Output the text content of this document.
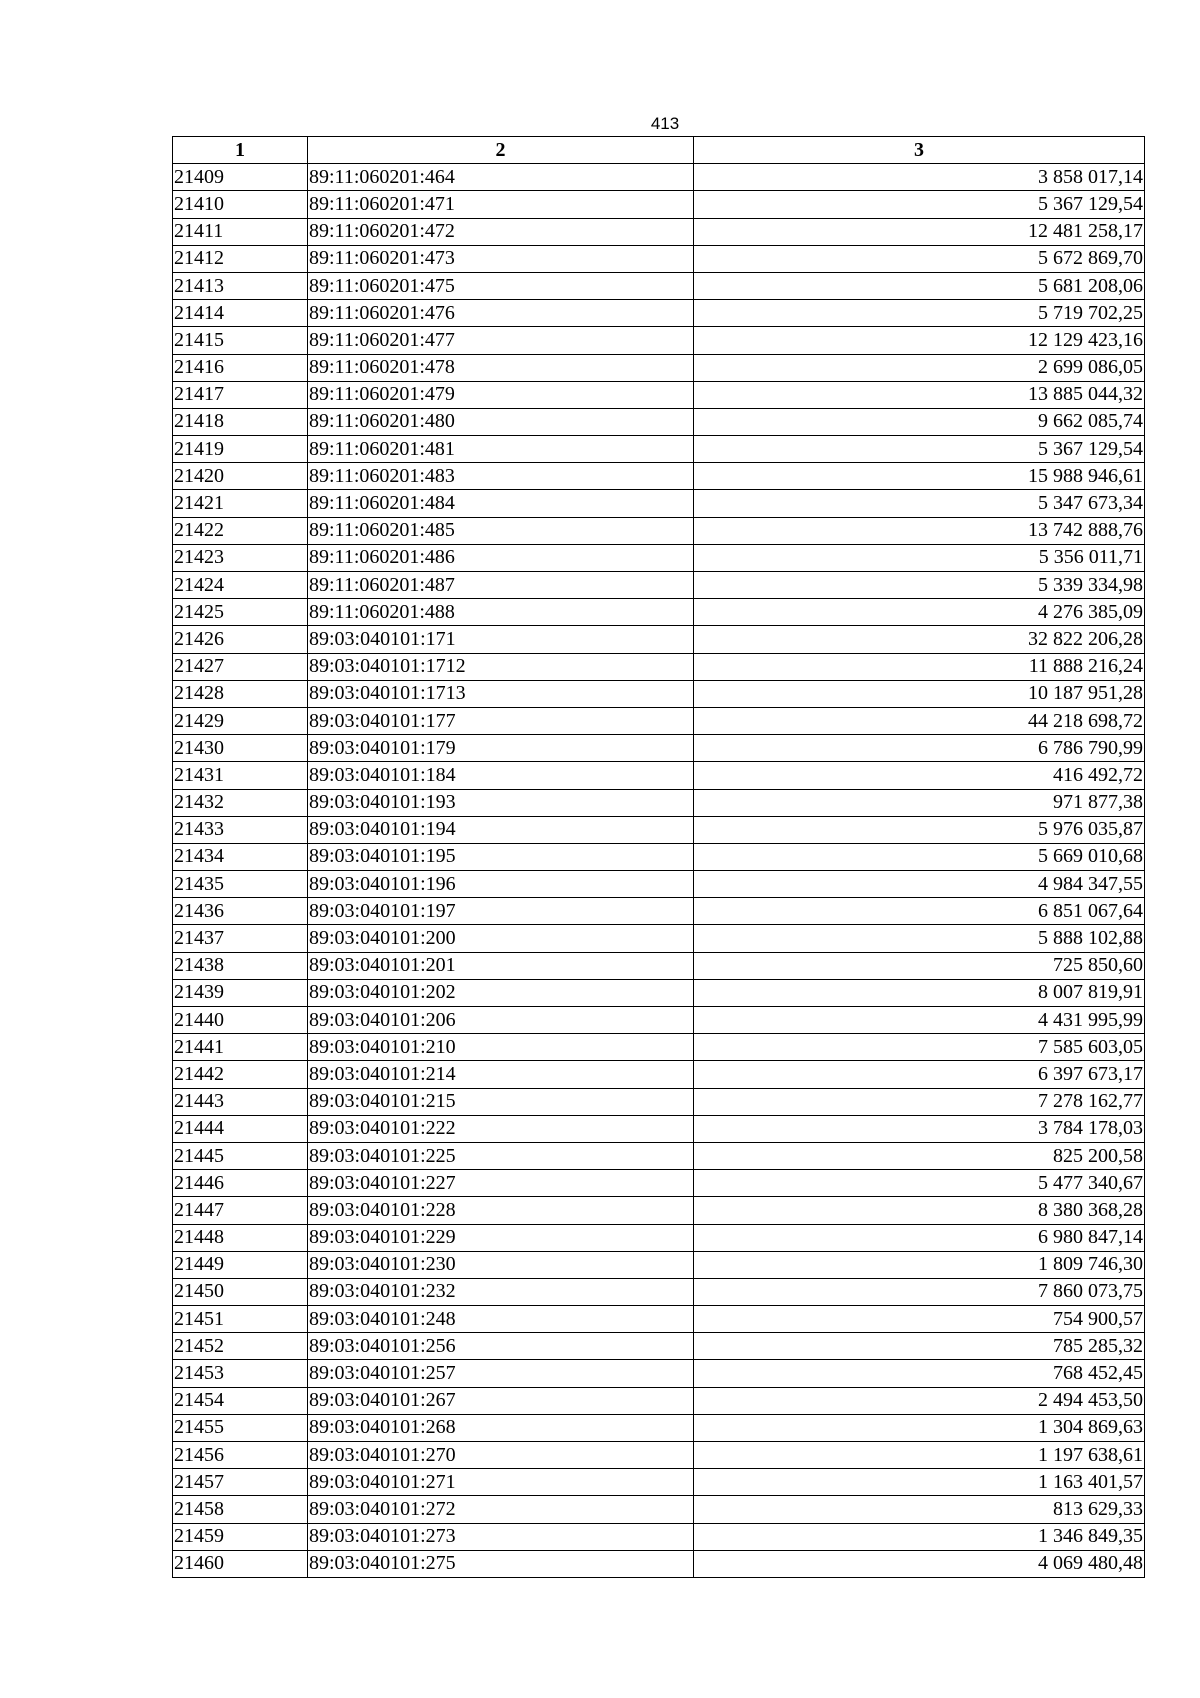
413
1	2	3
21409	89:11:060201:464	3 858 017,14
21410	89:11:060201:471	5 367 129,54
21411	89:11:060201:472	12 481 258,17
21412	89:11:060201:473	5 672 869,70
21413	89:11:060201:475	5 681 208,06
21414	89:11:060201:476	5 719 702,25
21415	89:11:060201:477	12 129 423,16
21416	89:11:060201:478	2 699 086,05
21417	89:11:060201:479	13 885 044,32
21418	89:11:060201:480	9 662 085,74
21419	89:11:060201:481	5 367 129,54
21420	89:11:060201:483	15 988 946,61
21421	89:11:060201:484	5 347 673,34
21422	89:11:060201:485	13 742 888,76
21423	89:11:060201:486	5 356 011,71
21424	89:11:060201:487	5 339 334,98
21425	89:11:060201:488	4 276 385,09
21426	89:03:040101:171	32 822 206,28
21427	89:03:040101:1712	11 888 216,24
21428	89:03:040101:1713	10 187 951,28
21429	89:03:040101:177	44 218 698,72
21430	89:03:040101:179	6 786 790,99
21431	89:03:040101:184	416 492,72
21432	89:03:040101:193	971 877,38
21433	89:03:040101:194	5 976 035,87
21434	89:03:040101:195	5 669 010,68
21435	89:03:040101:196	4 984 347,55
21436	89:03:040101:197	6 851 067,64
21437	89:03:040101:200	5 888 102,88
21438	89:03:040101:201	725 850,60
21439	89:03:040101:202	8 007 819,91
21440	89:03:040101:206	4 431 995,99
21441	89:03:040101:210	7 585 603,05
21442	89:03:040101:214	6 397 673,17
21443	89:03:040101:215	7 278 162,77
21444	89:03:040101:222	3 784 178,03
21445	89:03:040101:225	825 200,58
21446	89:03:040101:227	5 477 340,67
21447	89:03:040101:228	8 380 368,28
21448	89:03:040101:229	6 980 847,14
21449	89:03:040101:230	1 809 746,30
21450	89:03:040101:232	7 860 073,75
21451	89:03:040101:248	754 900,57
21452	89:03:040101:256	785 285,32
21453	89:03:040101:257	768 452,45
21454	89:03:040101:267	2 494 453,50
21455	89:03:040101:268	1 304 869,63
21456	89:03:040101:270	1 197 638,61
21457	89:03:040101:271	1 163 401,57
21458	89:03:040101:272	813 629,33
21459	89:03:040101:273	1 346 849,35
21460	89:03:040101:275	4 069 480,48
